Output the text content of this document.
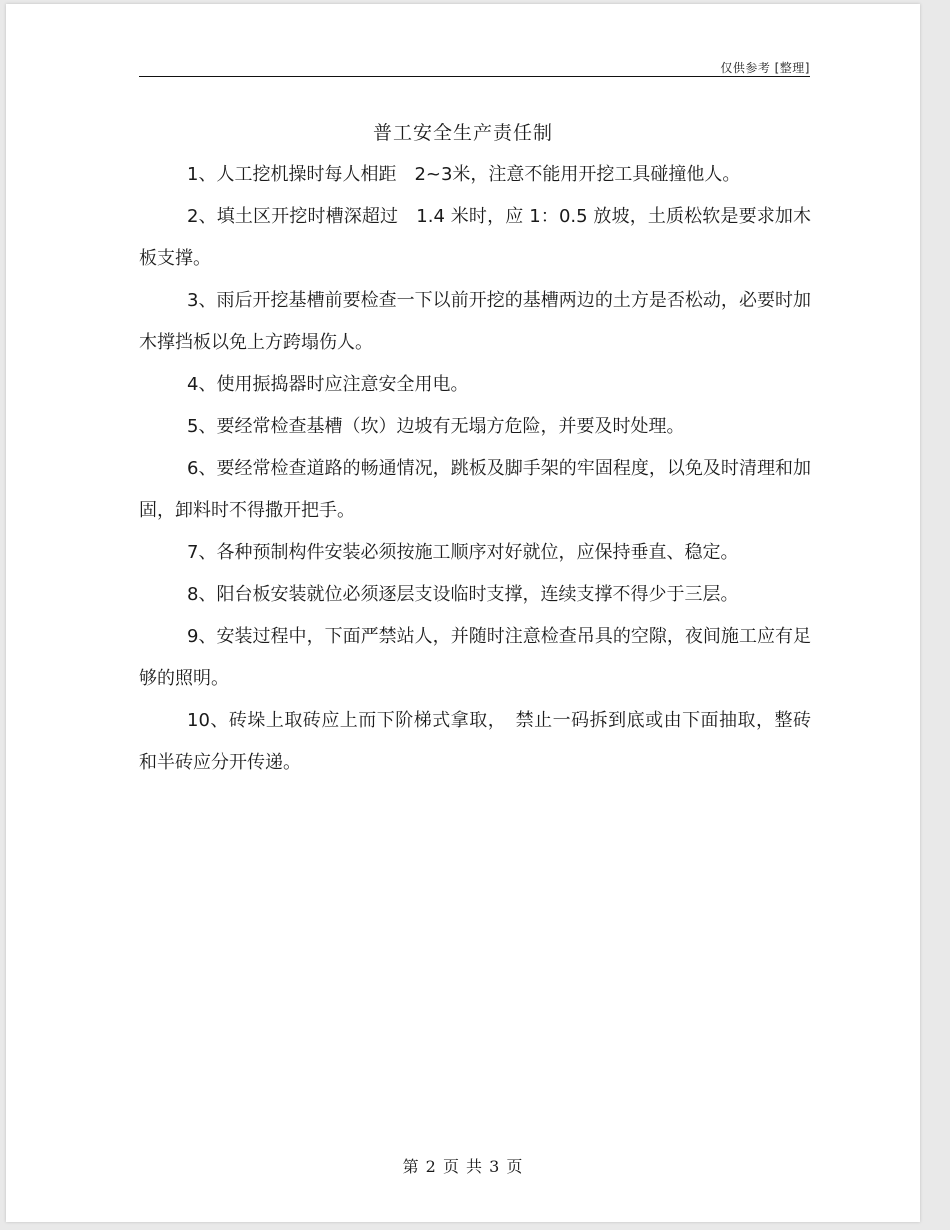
仅供参考 [整理]
普工安全生产责任制

1、人工挖机操时每人相距　2~3米，注意不能用开挖工具碰撞他人。

2、填土区开挖时槽深超过　1.4 米时，应 1：0.5 放坡，土质松软是要求加木板支撑。

3、雨后开挖基槽前要检查一下以前开挖的基槽两边的土方是否松动，必要时加木撑挡板以免上方跨塌伤人。

4、使用振捣器时应注意安全用电。

5、要经常检查基槽（坎）边坡有无塌方危险，并要及时处理。

6、要经常检查道路的畅通情况，跳板及脚手架的牢固程度，以免及时清理和加固，卸料时不得撒开把手。

7、各种预制构件安装必须按施工顺序对好就位，应保持垂直、稳定。

8、阳台板安装就位必须逐层支设临时支撑，连续支撑不得少于三层。

9、安装过程中，下面严禁站人，并随时注意检查吊具的空隙，夜间施工应有足够的照明。

10、砖垛上取砖应上而下阶梯式拿取，　禁止一码拆到底或由下面抽取，整砖和半砖应分开传递。

第 2 页 共 3 页
